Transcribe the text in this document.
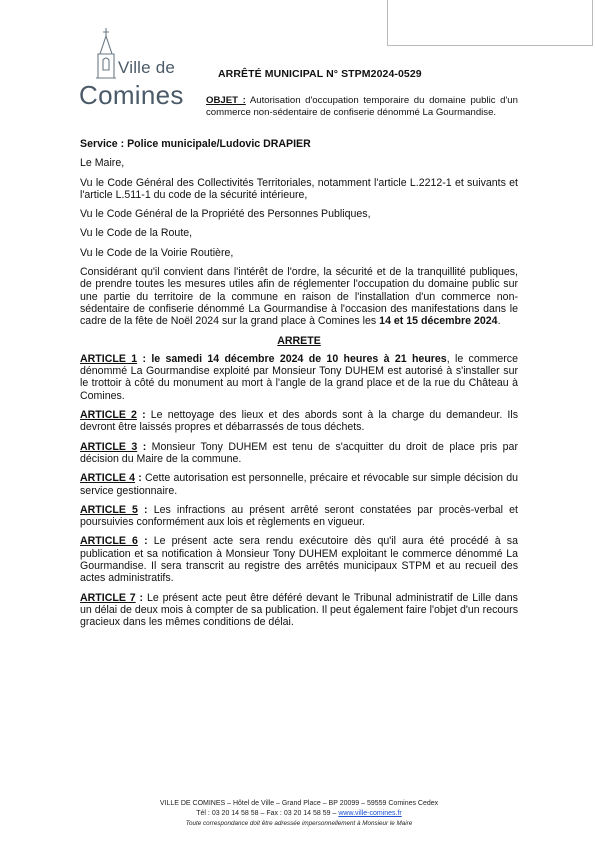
Ville de
Comines
ARRÊTÉ MUNICIPAL N° STPM2024-0529
OBJET : Autorisation d'occupation temporaire du domaine public d'un commerce non-sédentaire de confiserie dénommé La Gourmandise.

Service : Police municipale/Ludovic DRAPIER

Le Maire,

Vu le Code Général des Collectivités Territoriales, notamment l'article L.2212-1 et suivants et l'article L.511-1 du code de la sécurité intérieure,

Vu le Code Général de la Propriété des Personnes Publiques,

Vu le Code de la Route,

Vu le Code de la Voirie Routière,

Considérant qu'il convient dans l'intérêt de l'ordre, la sécurité et de la tranquillité publiques, de prendre toutes les mesures utiles afin de réglementer l'occupation du domaine public sur une partie du territoire de la commune en raison de l'installation d'un commerce non-sédentaire de confiserie dénommé La Gourmandise à l'occasion des manifestations dans le cadre de la fête de Noël 2024 sur la grand place à Comines les 14 et 15 décembre 2024.

ARRETE

ARTICLE 1 : le samedi 14 décembre 2024 de 10 heures à 21 heures, le commerce dénommé La Gourmandise exploité par Monsieur Tony DUHEM est autorisé à s'installer sur le trottoir à côté du monument au mort à l'angle de la grand place et de la rue du Château à Comines.

ARTICLE 2 : Le nettoyage des lieux et des abords sont à la charge du demandeur. Ils devront être laissés propres et débarrassés de tous déchets.

ARTICLE 3 : Monsieur Tony DUHEM est tenu de s'acquitter du droit de place pris par décision du Maire de la commune.

ARTICLE 4 : Cette autorisation est personnelle, précaire et révocable sur simple décision du service gestionnaire.

ARTICLE 5 : Les infractions au présent arrêté seront constatées par procès-verbal et poursuivies conformément aux lois et règlements en vigueur.

ARTICLE 6 : Le présent acte sera rendu exécutoire dès qu'il aura été procédé à sa publication et sa notification à Monsieur Tony DUHEM exploitant le commerce dénommé La Gourmandise. Il sera transcrit au registre des arrêtés municipaux STPM et au recueil des actes administratifs.

ARTICLE 7 : Le présent acte peut être déféré devant le Tribunal administratif de Lille dans un délai de deux mois à compter de sa publication. Il peut également faire l'objet d'un recours gracieux dans les mêmes conditions de délai.

VILLE DE COMINES – Hôtel de Ville – Grand Place – BP 20099 – 59559 Comines Cedex
Tél : 03 20 14 58 58 – Fax : 03 20 14 58 59 – www.ville-comines.fr
Toute correspondance doit être adressée impersonnellement à Monsieur le Maire
